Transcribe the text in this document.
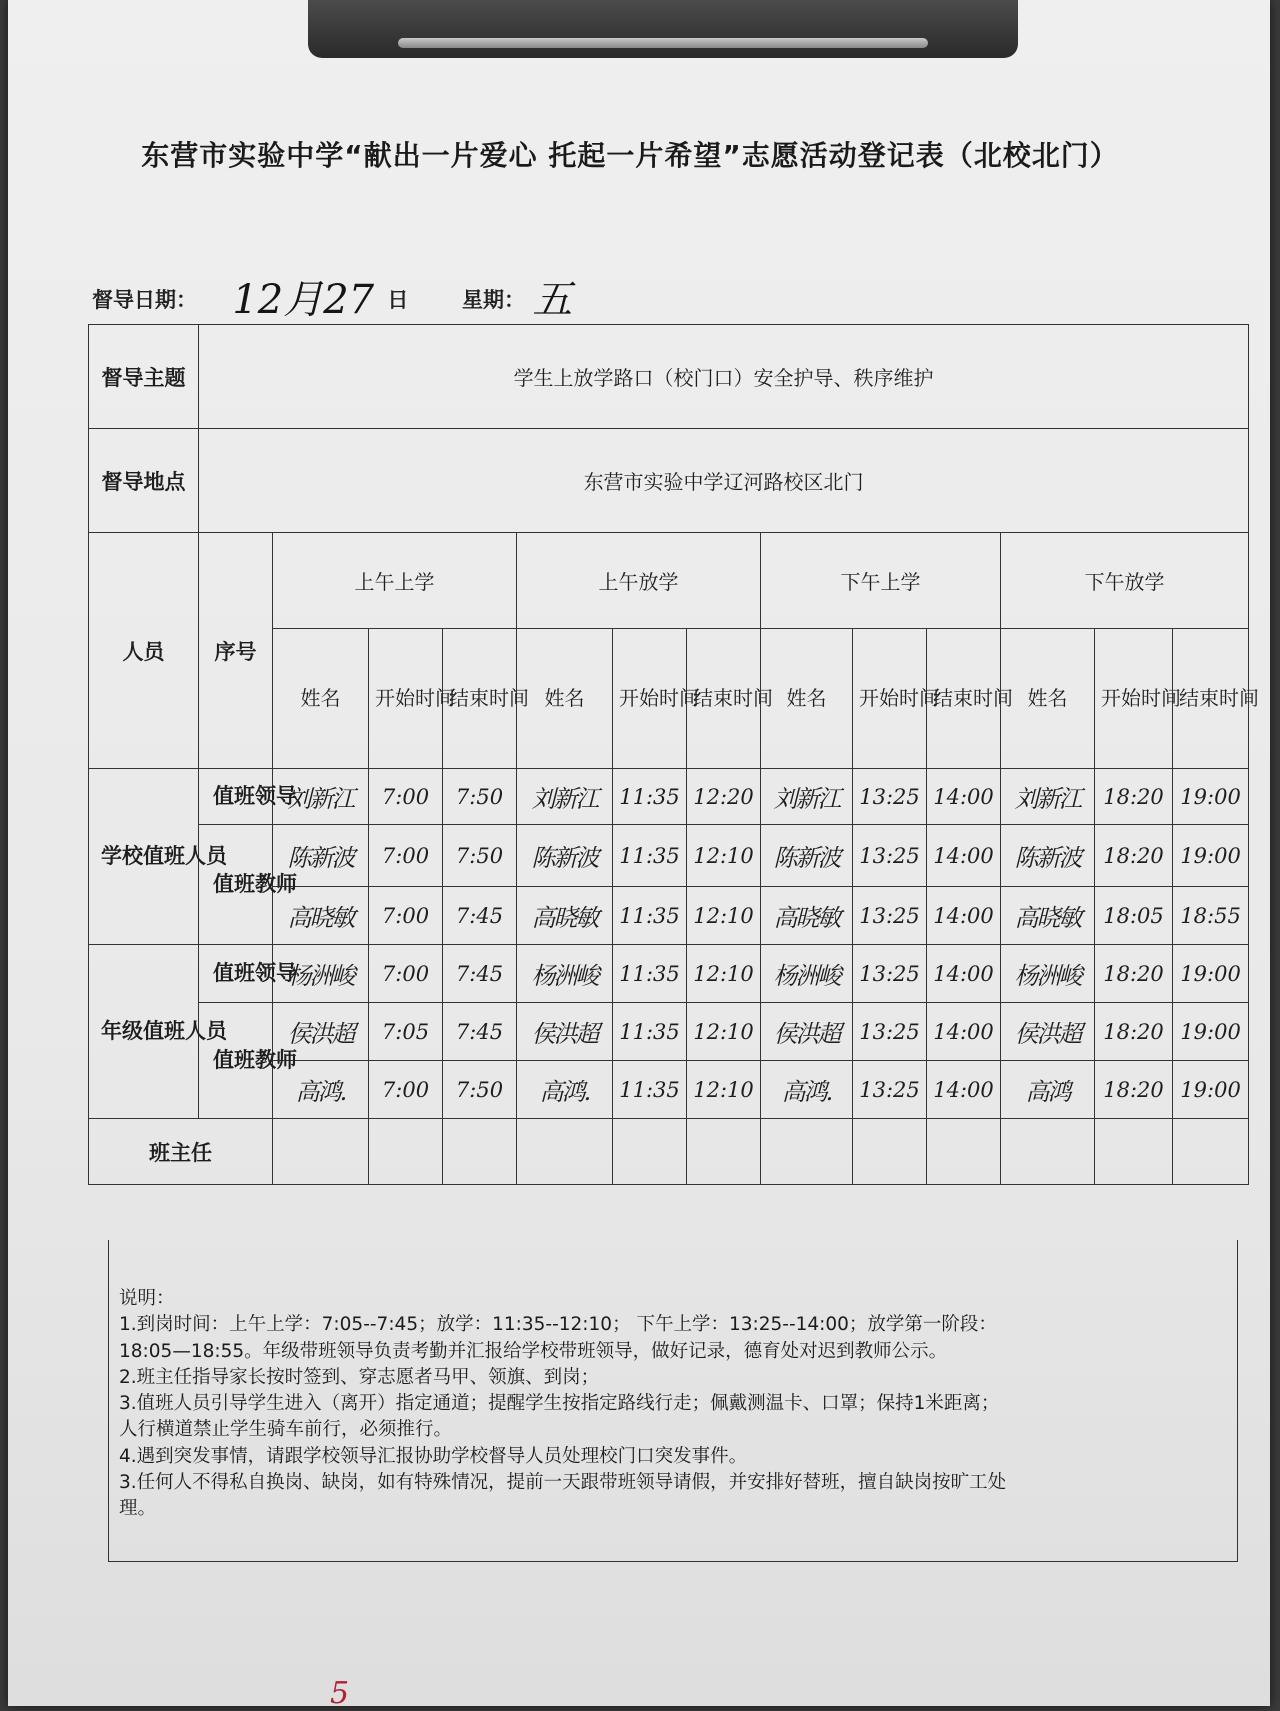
东营市实验中学“献出一片爱心 托起一片希望”志愿活动登记表（北校北门）
督导日期： 12月27 日	星期： 五
督导主题	学生上放学路口（校门口）安全护导、秩序维护												
督导地点	东营市实验中学辽河路校区北门												
人员	序号	上午上学			上午放学			下午上学			下午放学		
		姓名	开始时间	结束时间	姓名	开始时间	结束时间	姓名	开始时间	结束时间	姓名	开始时间	结束时间
学校值班人员	值班领导	刘新江	7:00	7:50	刘新江	11:35	12:20	刘新江	13:25	14:00	刘新江	18:20	19:00
	值班教师	陈新波	7:00	7:50	陈新波	11:35	12:10	陈新波	13:25	14:00	陈新波	18:20	19:00
		高晓敏	7:00	7:45	高晓敏	11:35	12:10	高晓敏	13:25	14:00	高晓敏	18:05	18:55
年级值班人员	值班领导	杨洲峻	7:00	7:45	杨洲峻	11:35	12:10	杨洲峻	13:25	14:00	杨洲峻	18:20	19:00
	值班教师	侯洪超	7:05	7:45	侯洪超	11:35	12:10	侯洪超	13:25	14:00	侯洪超	18:20	19:00
		高鸿.	7:00	7:50	高鸿.	11:35	12:10	高鸿.	13:25	14:00	高鸿	18:20	19:00
班主任													

说明：

1.到岗时间：上午上学：7:05--7:45；放学：11:35--12:10； 下午上学：13:25--14:00；放学第一阶段：

18:05—18:55。年级带班领导负责考勤并汇报给学校带班领导，做好记录，德育处对迟到教师公示。

2.班主任指导家长按时签到、穿志愿者马甲、领旗、到岗；

3.值班人员引导学生进入（离开）指定通道；提醒学生按指定路线行走；佩戴测温卡、口罩；保持1米距离；

人行横道禁止学生骑车前行，必须推行。

4.遇到突发事情，请跟学校领导汇报协助学校督导人员处理校门口突发事件。

3.任何人不得私自换岗、缺岗，如有特殊情况，提前一天跟带班领导请假，并安排好替班，擅自缺岗按旷工处

理。

5
